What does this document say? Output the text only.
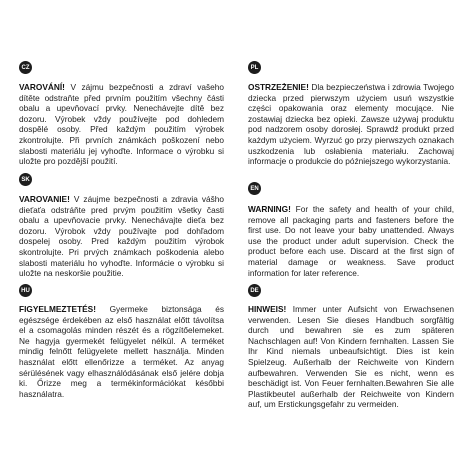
CZ

VAROVÁNÍ! V zájmu bezpečnosti a zdraví vašeho dítěte odstraňte před prvním použitím všechny části obalu a upevňovací prvky. Nenechávejte dítě bez dozoru. Výrobek vždy používejte pod dohledem dospělé osoby. Před každým použitím výrobek zkontrolujte. Při prvních známkách poškození nebo slabosti materiálu jej vyhoďte. Informace o výrobku si uložte pro pozdější použití.

SK

VAROVANIE! V záujme bezpečnosti a zdravia vášho dieťaťa odstráňte pred prvým použitím všetky časti obalu a upevňovacie prvky. Nenechávajte dieťa bez dozoru. Výrobok vždy používajte pod dohľadom dospelej osoby. Pred každým použitím výrobok skontrolujte. Pri prvých známkach poškodenia alebo slabosti materiálu ho vyhoďte. Informácie o výrobku si uložte na neskoršie použitie.

HU

FIGYELMEZTETÉS! Gyermeke biztonsága és egészsége érdekében az első használat előtt távolítsa el a csomagolás minden részét és a rögzítőelemeket. Ne hagyja gyermekét felügyelet nélkül. A terméket mindig felnőtt felügyelete mellett használja. Minden használat előtt ellenőrizze a terméket. Az anyag sérülésének vagy elhasználódásának első jelére dobja ki. Őrizze meg a termékinformációkat későbbi használatra.

PL

OSTRZEŻENIE! Dla bezpieczeństwa i zdrowia Twojego dziecka przed pierwszym użyciem usuń wszystkie części opakowania oraz elementy mocujące. Nie zostawiaj dziecka bez opieki. Zawsze używaj produktu pod nadzorem osoby dorosłej. Sprawdź produkt przed każdym użyciem. Wyrzuć go przy pierwszych oznakach uszkodzenia lub osłabienia materiału. Zachowaj informacje o produkcie do późniejszego wykorzystania.

EN

WARNING! For the safety and health of your child, remove all packaging parts and fasteners before the first use. Do not leave your baby unattended. Always use the product under adult supervision. Check the product before each use. Discard at the first sign of material damage or weakness. Save product information for later reference.

DE

HINWEIS! Immer unter Aufsicht von Erwachsenen verwenden. Lesen Sie dieses Handbuch sorgfältig durch und bewahren sie es zum späteren Nachschlagen auf! Von Kindern fernhalten. Lassen Sie Ihr Kind niemals unbeaufsichtigt. Dies ist kein Spielzeug. Außerhalb der Reichweite von Kindern aufbewahren. Verwenden Sie es nicht, wenn es beschädigt ist. Von Feuer fernhalten.Bewahren Sie alle Plastikbeutel außerhalb der Reichweite von Kindern auf, um Erstickungsgefahr zu vermeiden.
